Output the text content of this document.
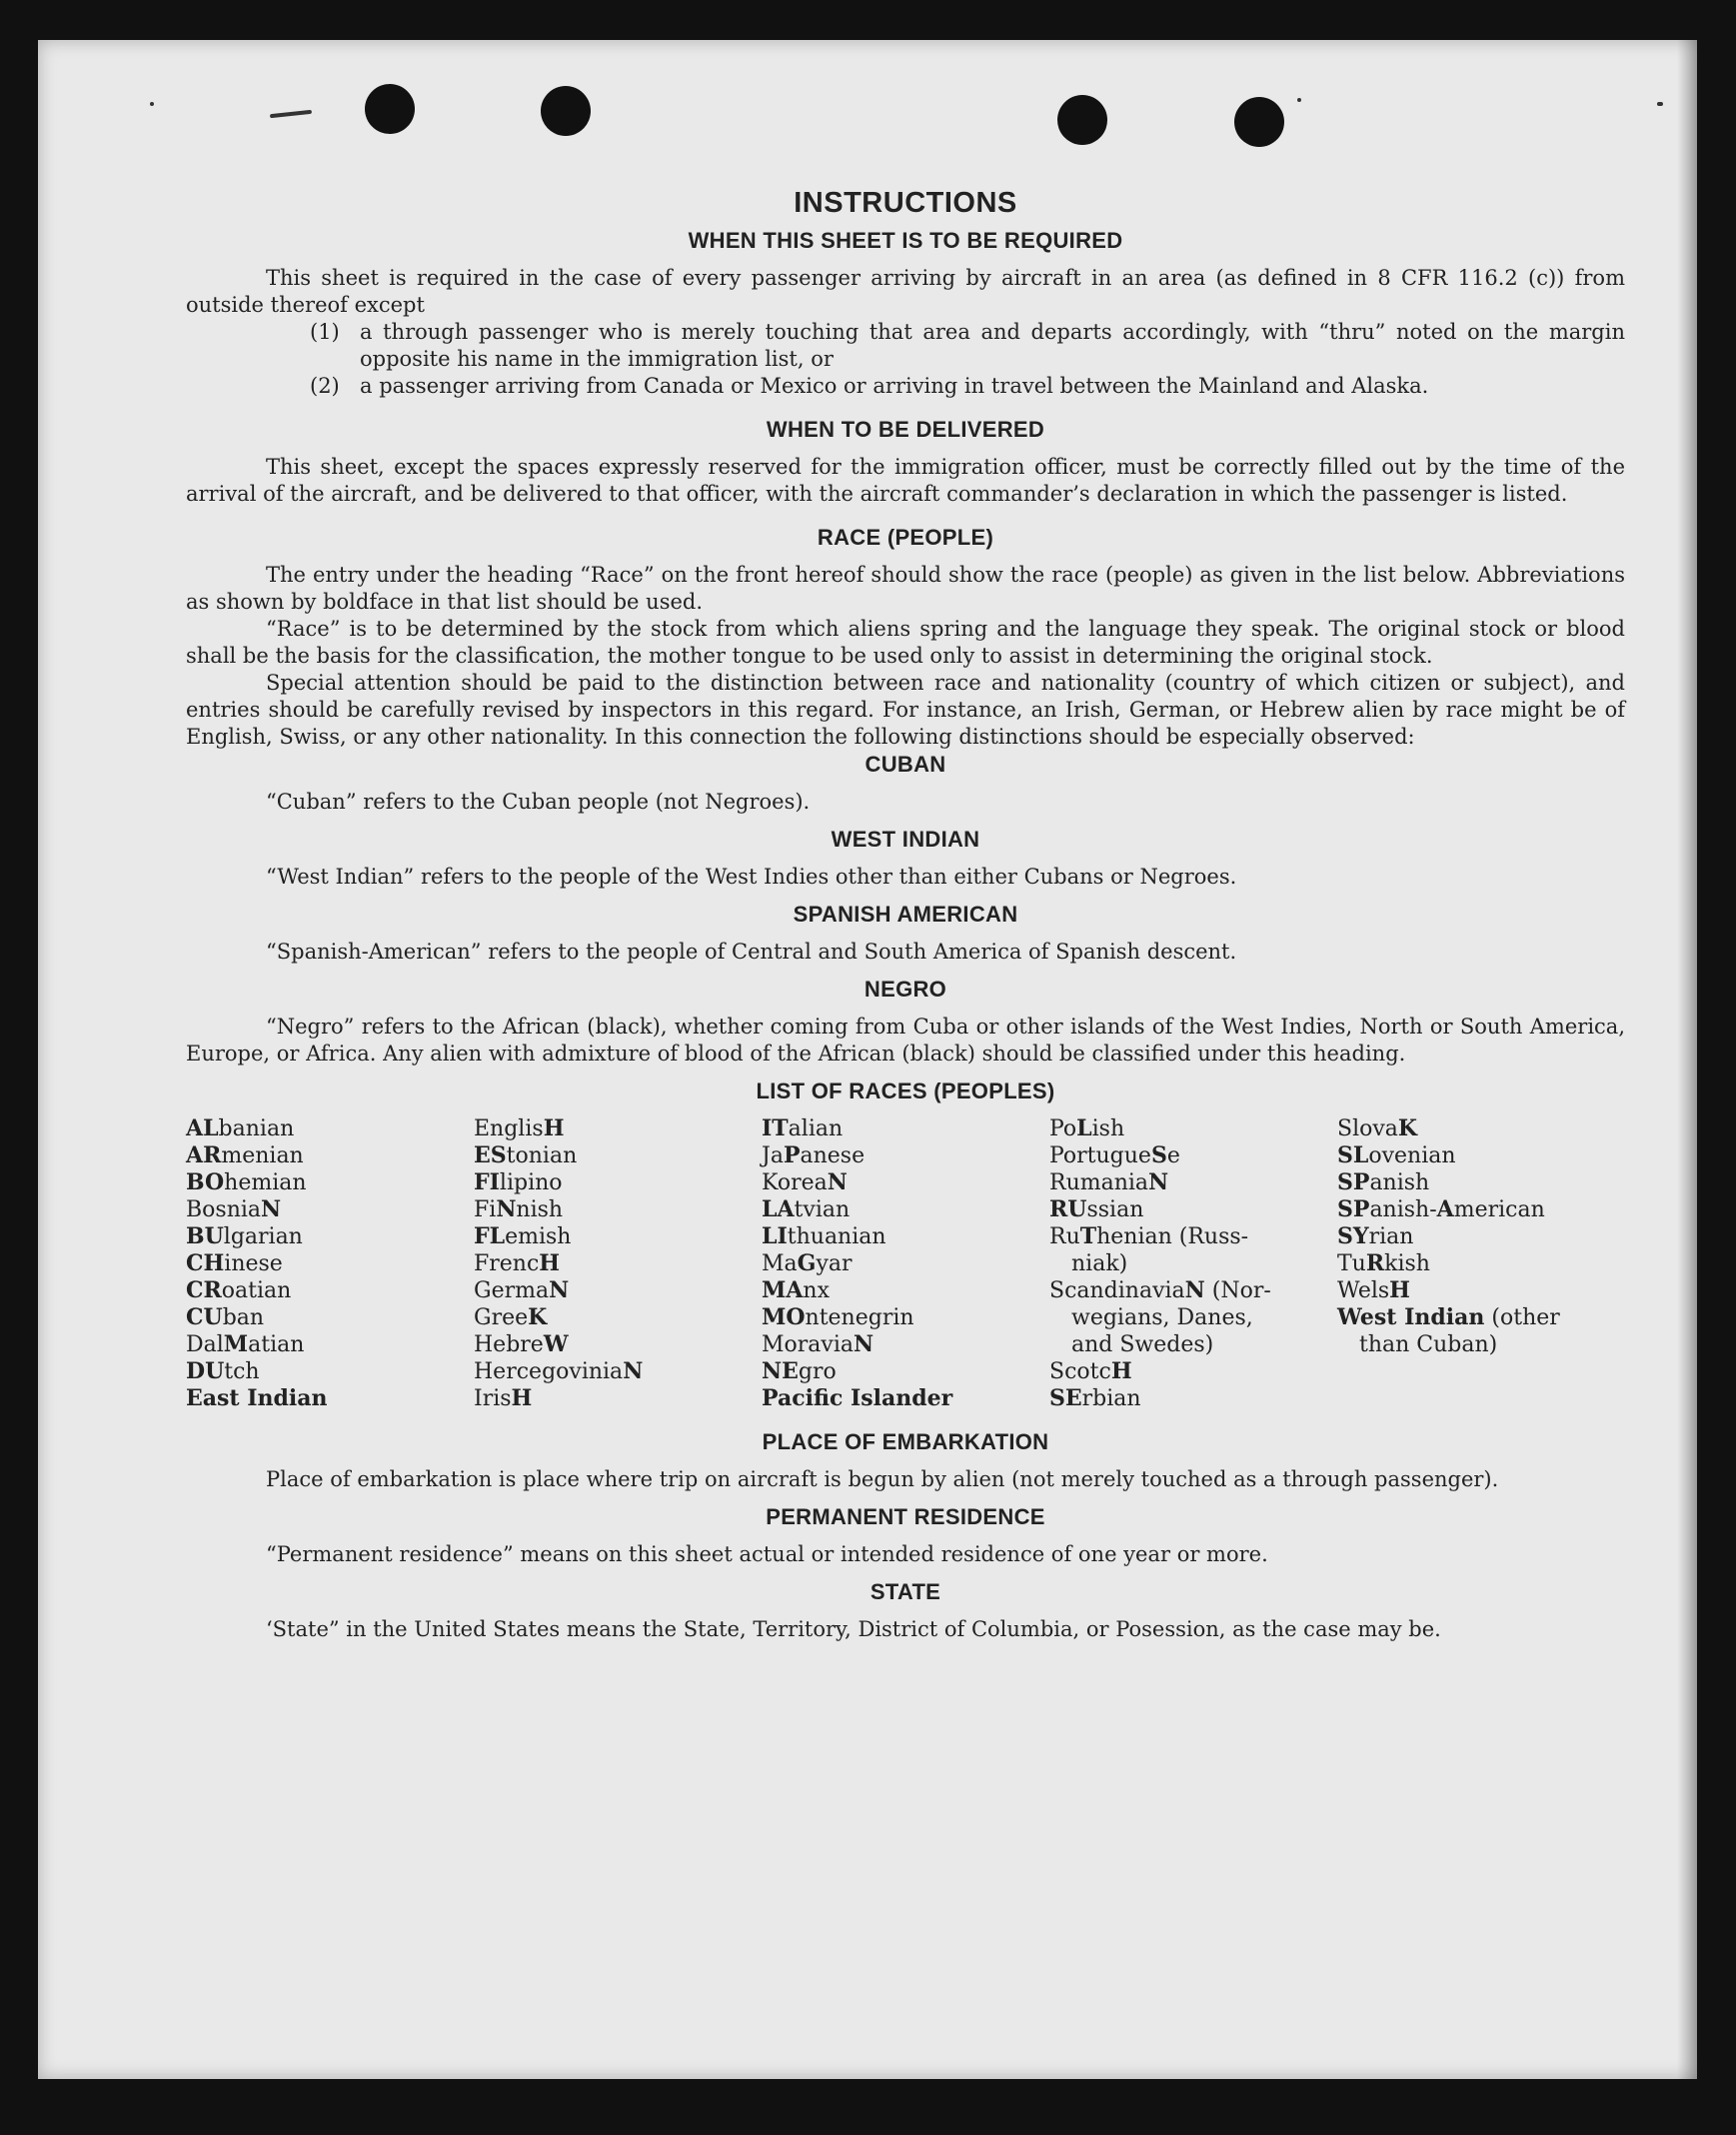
INSTRUCTIONS
WHEN THIS SHEET IS TO BE REQUIRED

This sheet is required in the case of every passenger arriving by aircraft in an area (as defined in 8 CFR 116.2 (c)) from outside thereof except

(1) a through passenger who is merely touching that area and departs accordingly, with “thru” noted on the margin opposite his name in the immigration list, or

(2) a passenger arriving from Canada or Mexico or arriving in travel between the Mainland and Alaska.

WHEN TO BE DELIVERED

This sheet, except the spaces expressly reserved for the immigration officer, must be correctly filled out by the time of the arrival of the aircraft, and be delivered to that officer, with the aircraft commander’s declaration in which the passenger is listed.

RACE (PEOPLE)

The entry under the heading “Race” on the front hereof should show the race (people) as given in the list below. Abbreviations as shown by boldface in that list should be used.

“Race” is to be determined by the stock from which aliens spring and the language they speak. The original stock or blood shall be the basis for the classification, the mother tongue to be used only to assist in determining the original stock.

Special attention should be paid to the distinction between race and nationality (country of which citizen or subject), and entries should be carefully revised by inspectors in this regard. For instance, an Irish, German, or Hebrew alien by race might be of English, Swiss, or any other nationality. In this connection the following distinctions should be especially observed:

CUBAN

“Cuban” refers to the Cuban people (not Negroes).

WEST INDIAN

“West Indian” refers to the people of the West Indies other than either Cubans or Negroes.

SPANISH AMERICAN

“Spanish-American” refers to the people of Central and South America of Spanish descent.

NEGRO

“Negro” refers to the African (black), whether coming from Cuba or other islands of the West Indies, North or South America, Europe, or Africa. Any alien with admixture of blood of the African (black) should be classified under this heading.

LIST OF RACES (PEOPLES)
ALbanian
ARmenian
BOhemian
BosniaN
BUlgarian
CHinese
CRoatian
CUban
DalMatian
DUtch
East Indian
EnglisH
EStonian
FIlipino
FiNnish
FLemish
FrencH
GermaN
GreeK
HebreW
HercegoviniaN
IrisH
ITalian
JaPanese
KoreaN
LAtvian
LIthuanian
MaGyar
MAnx
MOntenegrin
MoraviaN
NEgro
Pacific Islander
PoLish
PortugueSe
RumaniaN
RUssian
RuThenian (Russ-
niak)
ScandinaviaN (Nor-
wegians, Danes,
and Swedes)
ScotcH
SErbian
SlovaK
SLovenian
SPanish
SPanish-American
SYrian
TuRkish
WelsH
West Indian (other
than Cuban)
PLACE OF EMBARKATION

Place of embarkation is place where trip on aircraft is begun by alien (not merely touched as a through passenger).

PERMANENT RESIDENCE

“Permanent residence” means on this sheet actual or intended residence of one year or more.

STATE

‘State” in the United States means the State, Territory, District of Columbia, or Posession, as the case may be.
